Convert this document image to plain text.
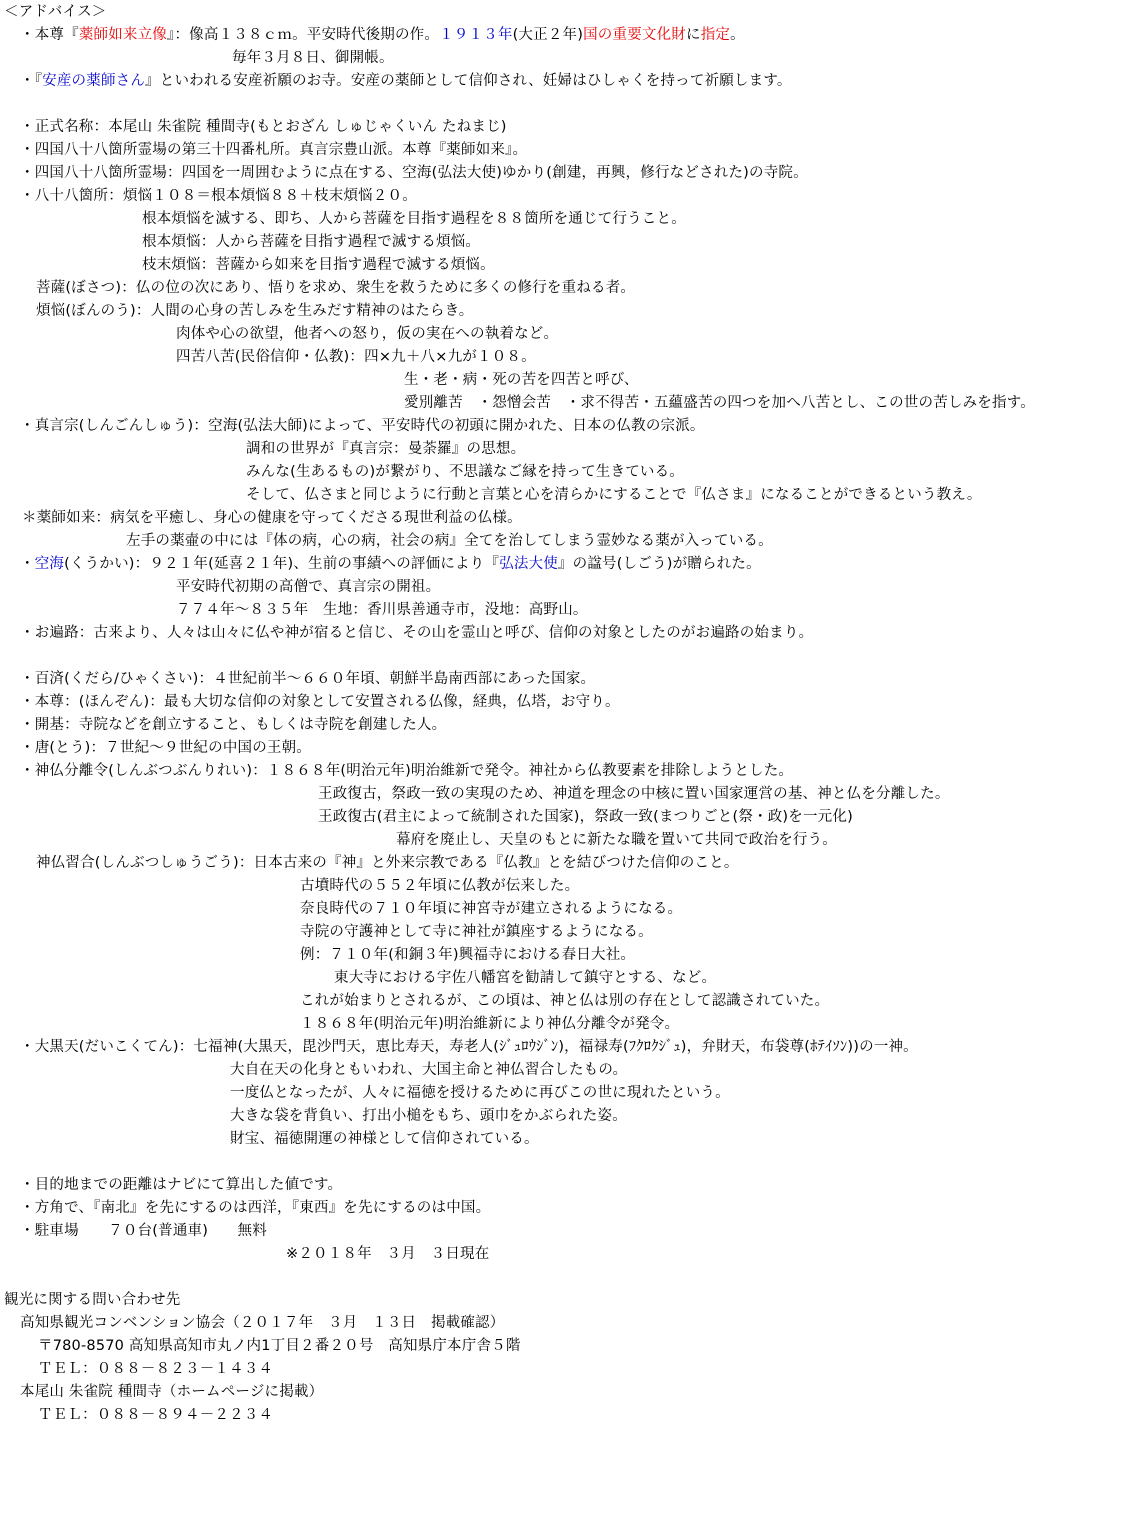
＜アドバイス＞
・本尊『薬師如来立像』：像高１３８ｃｍ。平安時代後期の作。１９１３年(大正２年)国の重要文化財に指定。
毎年３月８日、御開帳。
・『安産の薬師さん』といわれる安産祈願のお寺。安産の薬師として信仰され、妊婦はひしゃくを持って祈願します。
・正式名称：本尾山 朱雀院 種間寺(もとおざん しゅじゃくいん たねまじ)
・四国八十八箇所霊場の第三十四番札所。真言宗豊山派。本尊『薬師如来』。
・四国八十八箇所霊場：四国を一周囲むように点在する、空海(弘法大使)ゆかり(創建，再興，修行などされた)の寺院。
・八十八箇所：煩悩１０８＝根本煩悩８８＋枝末煩悩２０。
根本煩悩を滅する、即ち、人から菩薩を目指す過程を８８箇所を通じて行うこと。
根本煩悩：人から菩薩を目指す過程で滅する煩悩。
枝末煩悩：菩薩から如来を目指す過程で滅する煩悩。
菩薩(ぼさつ)：仏の位の次にあり、悟りを求め、衆生を救うために多くの修行を重ねる者。
煩悩(ぼんのう)：人間の心身の苦しみを生みだす精神のはたらき。
肉体や心の欲望，他者への怒り，仮の実在への執着など。
四苦八苦(民俗信仰・仏教)：四×九＋八×九が１０８。
生・老・病・死の苦を四苦と呼び、
愛別離苦　・怨憎会苦　・求不得苦・五蘊盛苦の四つを加へ八苦とし、この世の苦しみを指す。
・真言宗(しんごんしゅう)：空海(弘法大師)によって、平安時代の初頭に開かれた、日本の仏教の宗派。
調和の世界が『真言宗：曼荼羅』の思想。
みんな(生あるもの)が繋がり、不思議なご縁を持って生きている。
そして、仏さまと同じように行動と言葉と心を清らかにすることで『仏さま』になることができるという教え。
＊薬師如来：病気を平癒し、身心の健康を守ってくださる現世利益の仏様。
左手の薬壷の中には『体の病，心の病，社会の病』全てを治してしまう霊妙なる薬が入っている。
・空海(くうかい)：９２１年(延喜２１年)、生前の事績への評価により『弘法大使』の諡号(しごう)が贈られた。
平安時代初期の高僧で、真言宗の開祖。
７７４年～８３５年　生地：香川県善通寺市，没地：高野山。
・お遍路：古来より、人々は山々に仏や神が宿ると信じ、その山を霊山と呼び、信仰の対象としたのがお遍路の始まり。
・百済(くだら/ひゃくさい)：４世紀前半～６６０年頃、朝鮮半島南西部にあった国家。
・本尊：(ほんぞん)：最も大切な信仰の対象として安置される仏像，経典，仏塔，お守り。
・開基：寺院などを創立すること、もしくは寺院を創建した人。
・唐(とう)：７世紀～９世紀の中国の王朝。
・神仏分離令(しんぶつぶんりれい)：１８６８年(明治元年)明治維新で発令。神社から仏教要素を排除しようとした。
王政復古，祭政一致の実現のため、神道を理念の中核に置い国家運営の基、神と仏を分離した。
王政復古(君主によって統制された国家)，祭政一致(まつりごと(祭・政)を一元化)
幕府を廃止し、天皇のもとに新たな職を置いて共同で政治を行う。
神仏習合(しんぶつしゅうごう)：日本古来の『神』と外来宗教である『仏教』とを結びつけた信仰のこと。
古墳時代の５５２年頃に仏教が伝来した。
奈良時代の７１０年頃に神宮寺が建立されるようになる。
寺院の守護神として寺に神社が鎮座するようになる。
例：７１０年(和銅３年)興福寺における春日大社。
東大寺における宇佐八幡宮を勧請して鎮守とする、など。
これが始まりとされるが、この頃は、神と仏は別の存在として認識されていた。
１８６８年(明治元年)明治維新により神仏分離令が発令。
・大黒天(だいこくてん)：七福神(大黒天，毘沙門天，恵比寿天，寿老人(ｼﾞｭﾛｳｼﾞﾝ)，福禄寿(ﾌｸﾛｸｼﾞｭ)，弁財天，布袋尊(ﾎﾃｲｿﾝ))の一神。
大自在天の化身ともいわれ、大国主命と神仏習合したもの。
一度仏となったが、人々に福徳を授けるために再びこの世に現れたという。
大きな袋を背負い、打出小槌をもち、頭巾をかぶられた姿。
財宝、福徳開運の神様として信仰されている。
・目的地までの距離はナビにて算出した値です。
・方角で、『南北』を先にするのは西洋，『東西』を先にするのは中国。
・駐車場　　７０台(普通車)　　無料
※２０１８年　３月　３日現在
観光に関する問い合わせ先
高知県観光コンベンション協会（２０１７年　３月　１３日　掲載確認）
〒780-8570 高知県高知市丸ノ内1丁目２番２０号　高知県庁本庁舎５階
ＴＥＬ：０８８－８２３－１４３４
本尾山 朱雀院 種間寺（ホームページに掲載）
ＴＥＬ：０８８－８９４－２２３４
